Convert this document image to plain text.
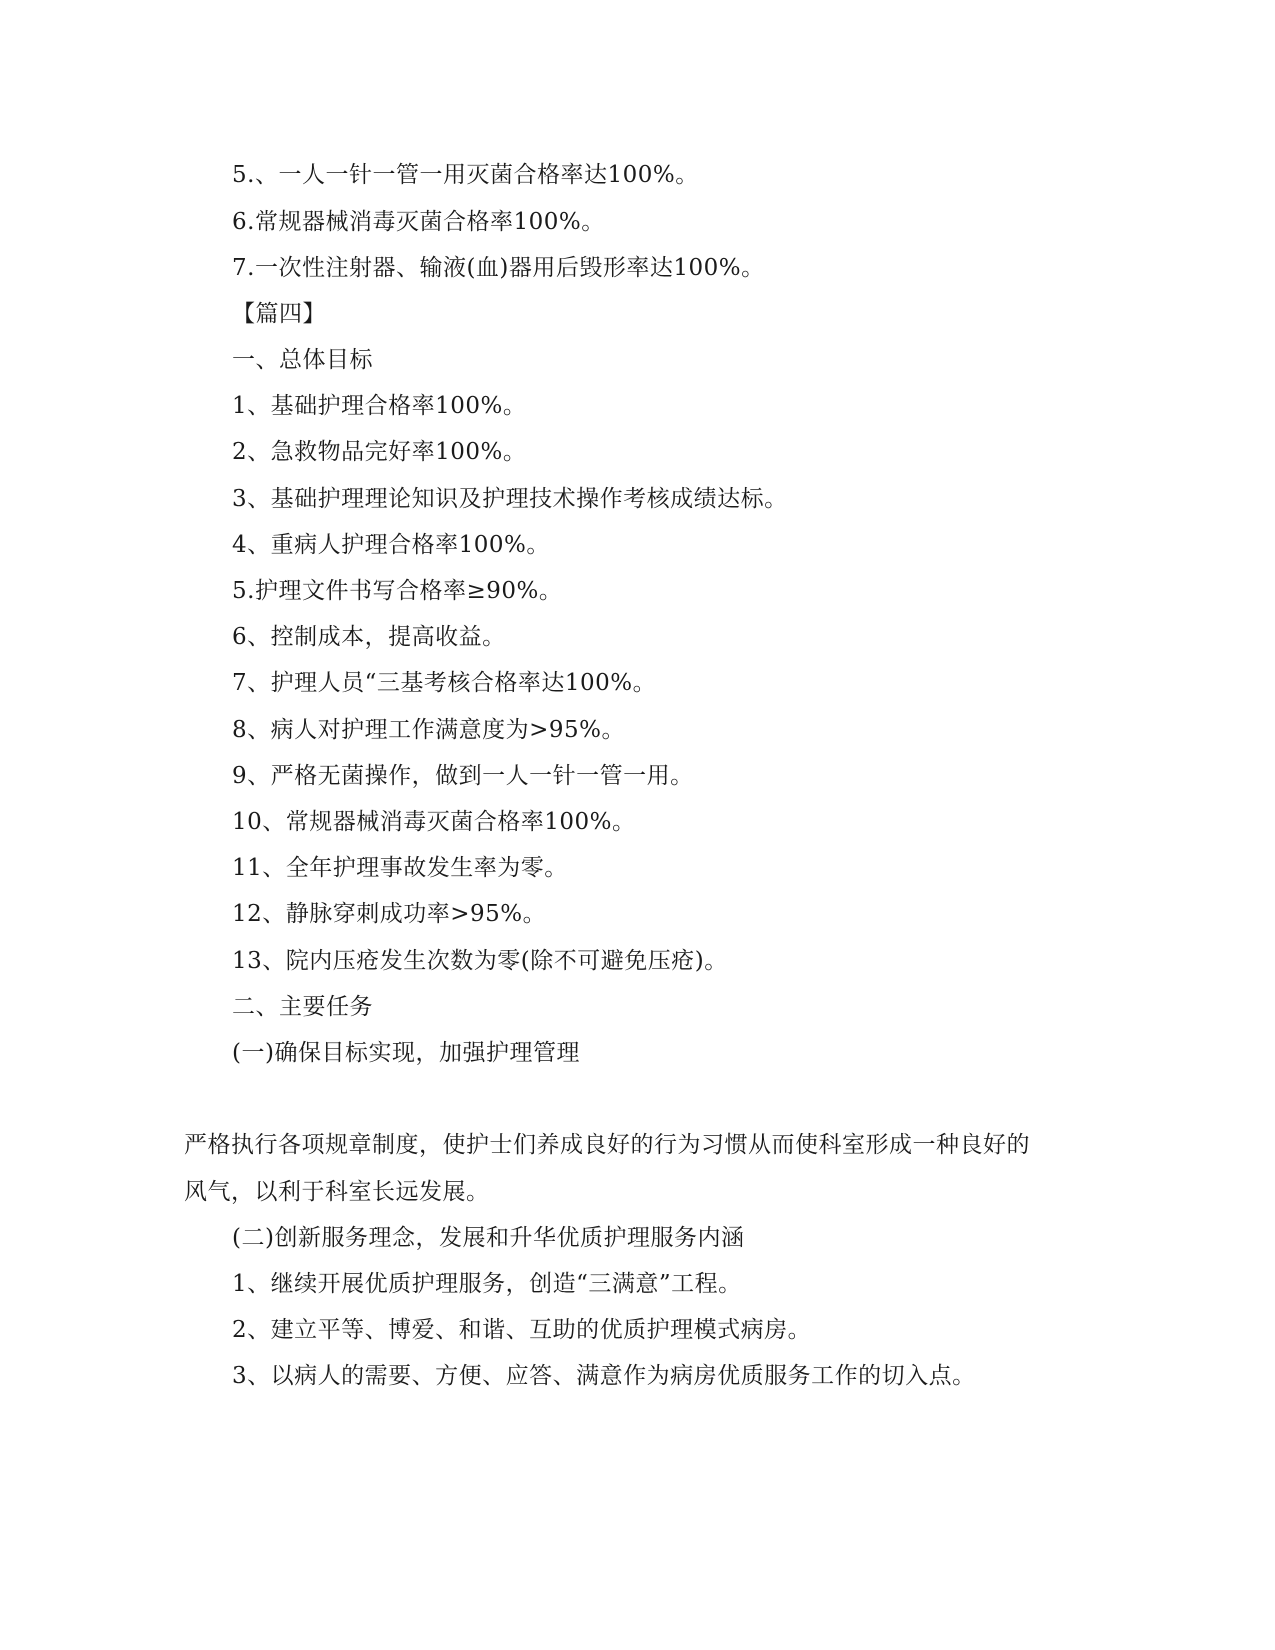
5.、一人一针一管一用灭菌合格率达100%。
6.常规器械消毒灭菌合格率100%。
7.一次性注射器、输液(血)器用后毁形率达100%。
【篇四】
一、总体目标
1、基础护理合格率100%。
2、急救物品完好率100%。
3、基础护理理论知识及护理技术操作考核成绩达标。
4、重病人护理合格率100%。
5.护理文件书写合格率≥90%。
6、控制成本，提高收益。
7、护理人员“三基考核合格率达100%。
8、病人对护理工作满意度为>95%。
9、严格无菌操作，做到一人一针一管一用。
10、常规器械消毒灭菌合格率100%。
11、全年护理事故发生率为零。
12、静脉穿刺成功率>95%。
13、院内压疮发生次数为零(除不可避免压疮)。
二、主要任务
(一)确保目标实现，加强护理管理
严格执行各项规章制度，使护士们养成良好的行为习惯从而使科室形成一种良好的
风气，以利于科室长远发展。
(二)创新服务理念，发展和升华优质护理服务内涵
1、继续开展优质护理服务，创造“三满意”工程。
2、建立平等、博爱、和谐、互助的优质护理模式病房。
3、以病人的需要、方便、应答、满意作为病房优质服务工作的切入点。
